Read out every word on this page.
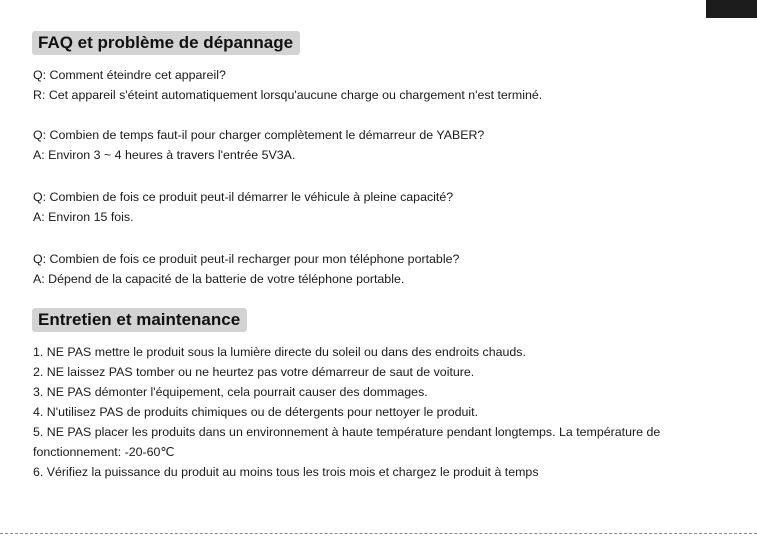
FAQ et problème de dépannage
Q: Comment éteindre cet appareil?
R: Cet appareil s'éteint automatiquement lorsqu'aucune charge ou chargement n'est terminé.
Q: Combien de temps faut-il pour charger complètement le démarreur de YABER?
A: Environ 3 ~ 4 heures à travers l'entrée 5V3A.
Q: Combien de fois ce produit peut-il démarrer le véhicule à pleine capacité?
A: Environ 15 fois.
Q: Combien de fois ce produit peut-il recharger pour mon téléphone portable?
A: Dépend de la capacité de la batterie de votre téléphone portable.
Entretien et maintenance
1. NE PAS mettre le produit sous la lumière directe du soleil ou dans des endroits chauds.
2. NE laissez PAS tomber ou ne heurtez pas votre démarreur de saut de voiture.
3. NE PAS démonter l'équipement, cela pourrait causer des dommages.
4. N'utilisez PAS de produits chimiques ou de détergents pour nettoyer le produit.
5. NE PAS placer les produits dans un environnement à haute température pendant longtemps. La température de fonctionnement: -20-60℃
6. Vérifiez la puissance du produit au moins tous les trois mois et chargez le produit à temps
